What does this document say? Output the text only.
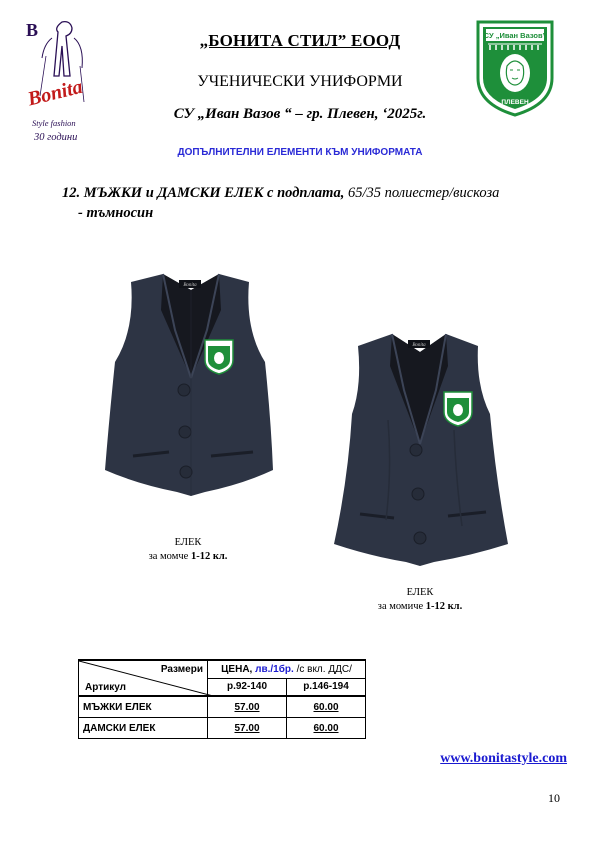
B
Bonita
Style fashion
30 години
„БОНИТА СТИЛ” ЕООД
УЧЕНИЧЕСКИ УНИФОРМИ
СУ „Иван Вазов “ – гр. Плевен, ‘2025г.
ДОПЪЛНИТЕЛНИ ЕЛЕМЕНТИ КЪМ УНИФОРМАТА
СУ „Иван Вазов”
ПЛЕВЕН
12. МЪЖКИ и ДАМСКИ ЕЛЕК с подплата, 65/35 полиестер/вискоза
- тъмносин
Bonita
Bonita
ЕЛЕК
за момче 1-12 кл.
ЕЛЕК
за момиче 1-12 кл.
Размери
Артикул	ЦЕНА, лв./1бр. /с вкл. ДДС/	
	р.92-140	р.146-194
МЪЖКИ ЕЛЕК	57.00	60.00
ДАМСКИ ЕЛЕК	57.00	60.00
www.bonitastyle.com
10
